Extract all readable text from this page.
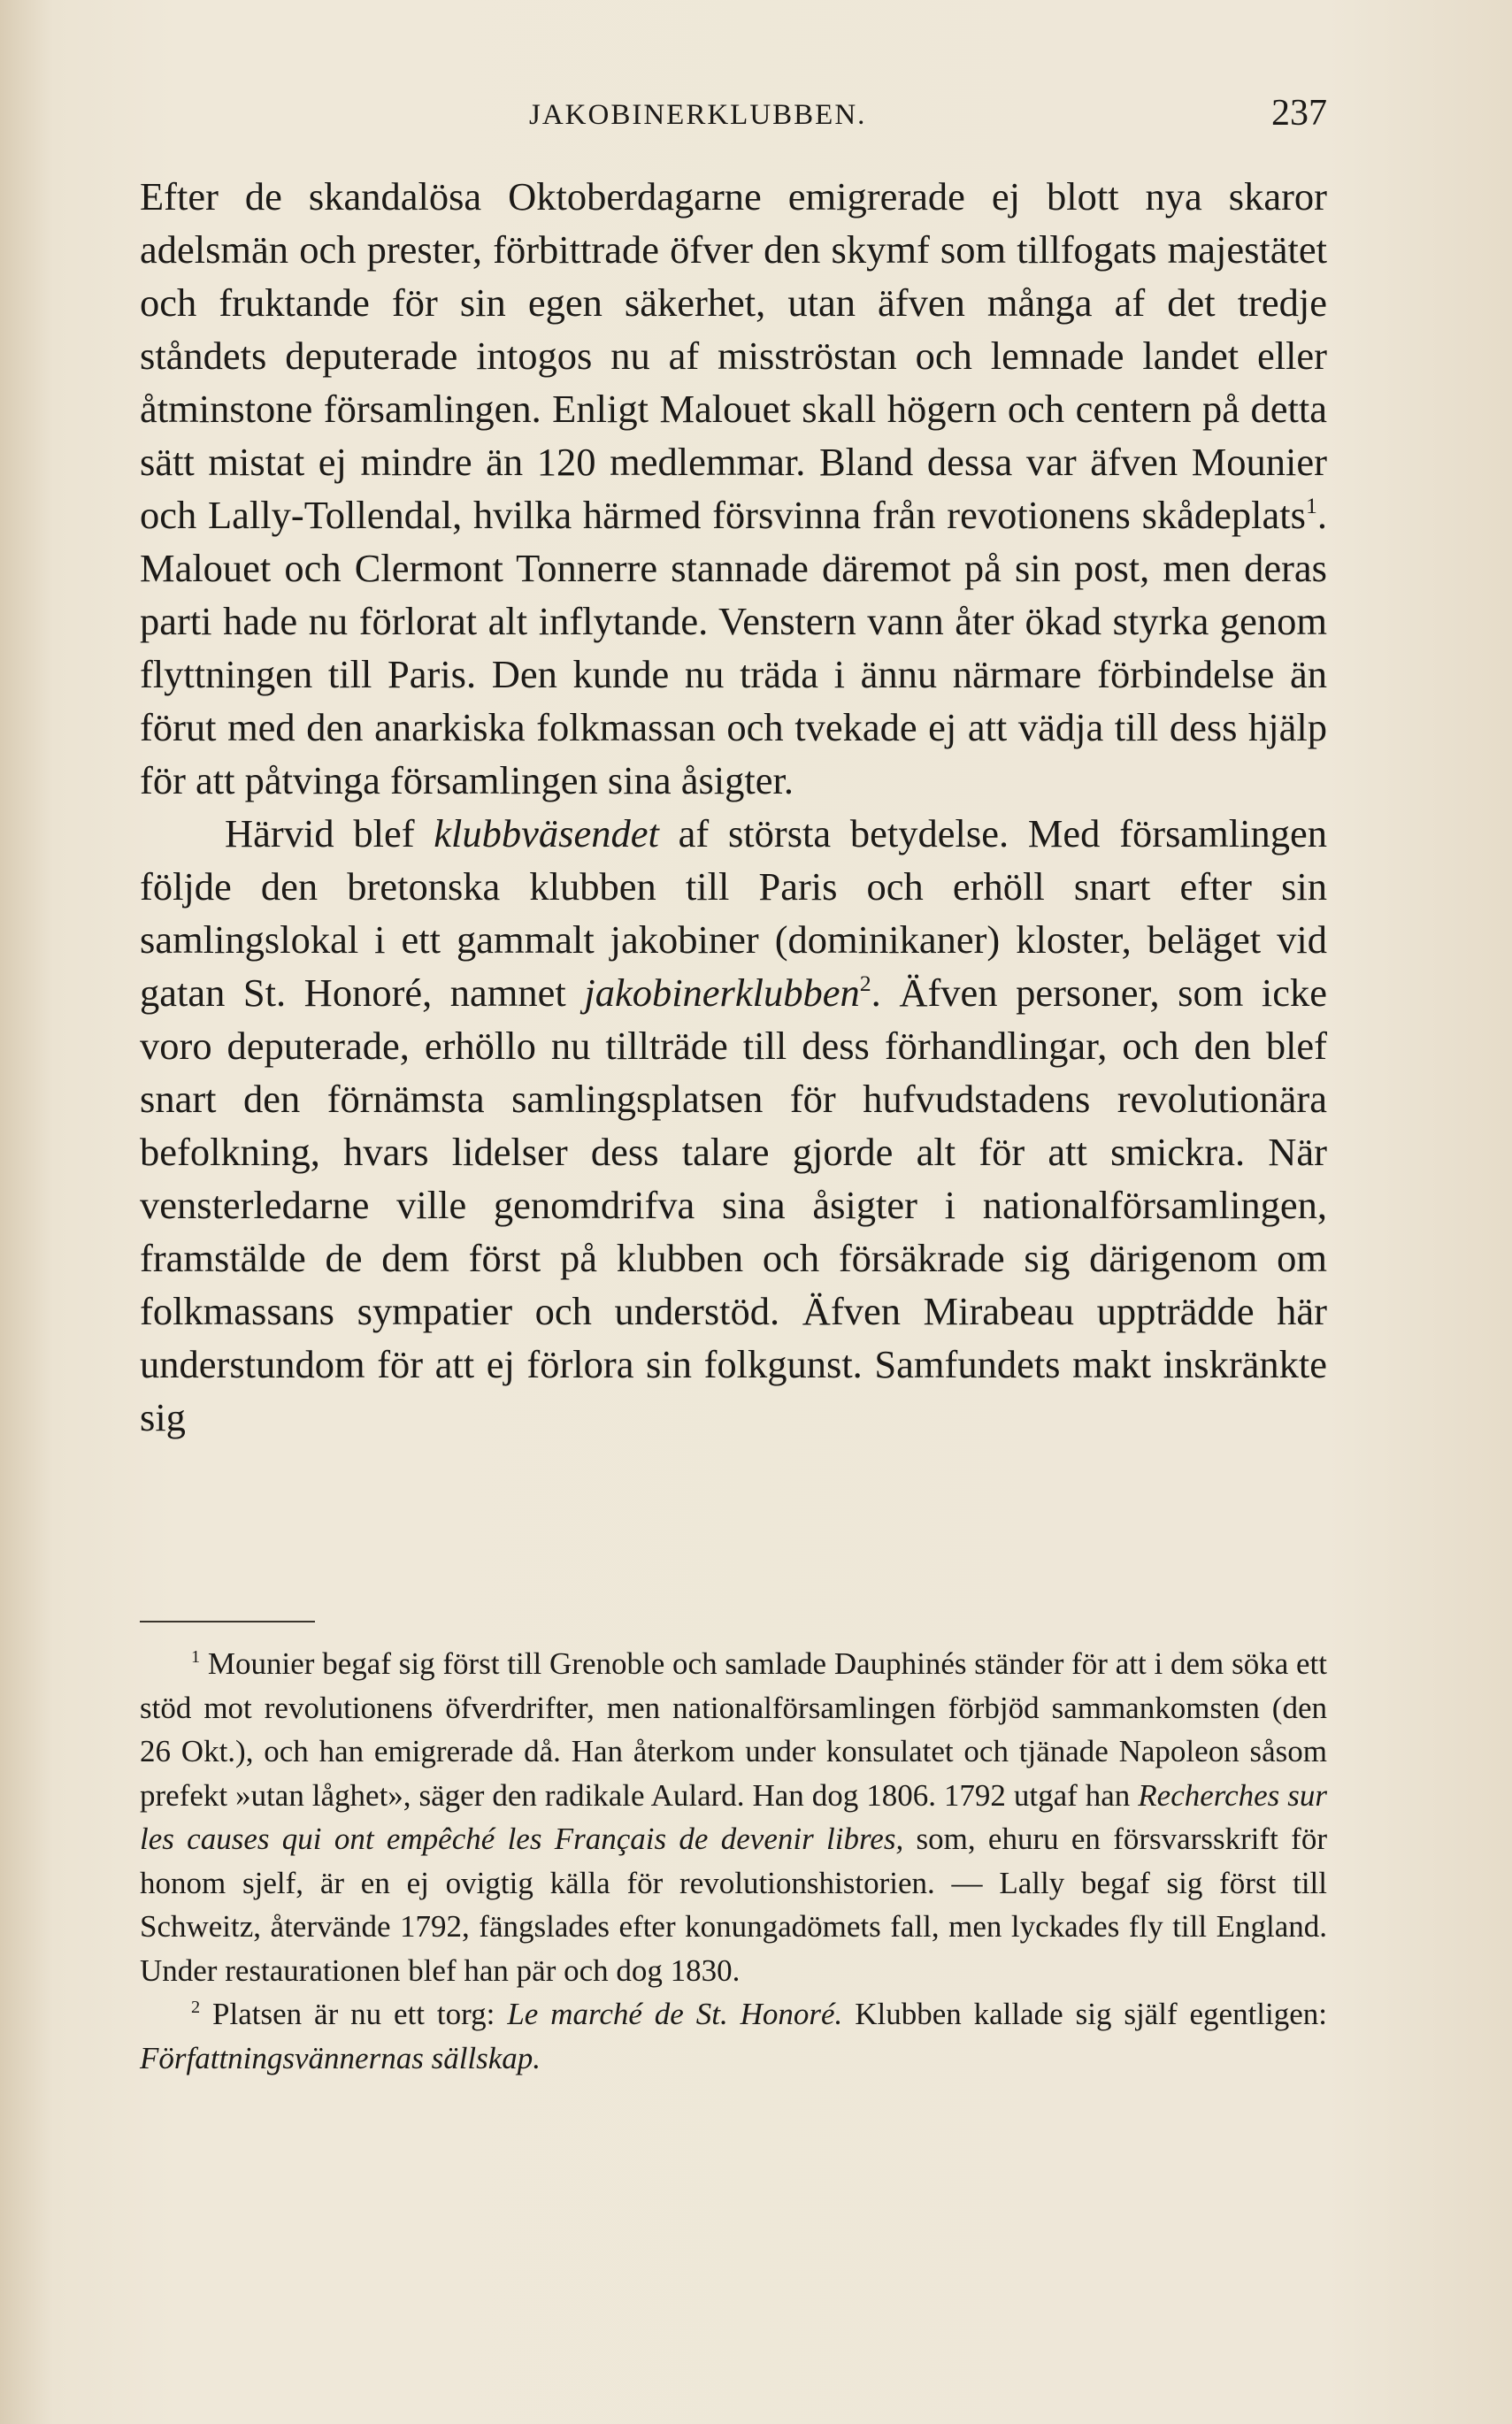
JAKOBINERKLUBBEN.	237

Efter de skandalösa Oktoberdagarne emigrerade ej blott nya skaror adelsmän och prester, förbittrade öfver den skymf som tillfogats majestätet och fruktande för sin egen säkerhet, utan äfven många af det tredje ståndets deputerade intogos nu af misströstan och lemnade landet eller åtminstone församlingen. Enligt Malouet skall högern och centern på detta sätt mistat ej mindre än 120 medlemmar. Bland dessa var äfven Mounier och Lally-Tollendal, hvilka härmed försvinna från revotionens skådeplats$^1$. Malouet och Clermont Tonnerre stannade däremot på sin post, men deras parti hade nu förlorat alt inflytande. Venstern vann åter ökad styrka genom flyttningen till Paris. Den kunde nu träda i ännu närmare förbindelse än förut med den anarkiska folkmassan och tvekade ej att vädja till dess hjälp för att påtvinga församlingen sina åsigter.

Härvid blef klubbväsendet af största betydelse. Med församlingen följde den bretonska klubben till Paris och erhöll snart efter sin samlingslokal i ett gammalt jakobiner (dominikaner) kloster, beläget vid gatan St. Honoré, namnet jakobinerklubben$^2$. Äfven personer, som icke voro deputerade, erhöllo nu tillträde till dess förhandlingar, och den blef snart den förnämsta samlingsplatsen för hufvudstadens revolutionära befolkning, hvars lidelser dess talare gjorde alt för att smickra. När vensterledarne ville genomdrifva sina åsigter i nationalförsamlingen, framstälde de dem först på klubben och försäkrade sig därigenom om folkmassans sympatier och understöd. Äfven Mirabeau uppträdde här understundom för att ej förlora sin folkgunst. Samfundets makt inskränkte sig

$^1$ Mounier begaf sig först till Grenoble och samlade Dauphinés ständer för att i dem söka ett stöd mot revolutionens öfverdrifter, men nationalförsamlingen förbjöd sammankomsten (den 26 Okt.), och han emigrerade då. Han återkom under konsulatet och tjänade Napoleon såsom prefekt »utan låghet», säger den radikale Aulard. Han dog 1806. 1792 utgaf han Recherches sur les causes qui ont empêché les Français de devenir libres, som, ehuru en försvarsskrift för honom sjelf, är en ej ovigtig källa för revolutionshistorien. — Lally begaf sig först till Schweitz, återvände 1792, fängslades efter konungadömets fall, men lyckades fly till England. Under restaurationen blef han pär och dog 1830.

$^2$ Platsen är nu ett torg: Le marché de St. Honoré. Klubben kallade sig själf egentligen: Författningsvännernas sällskap.
